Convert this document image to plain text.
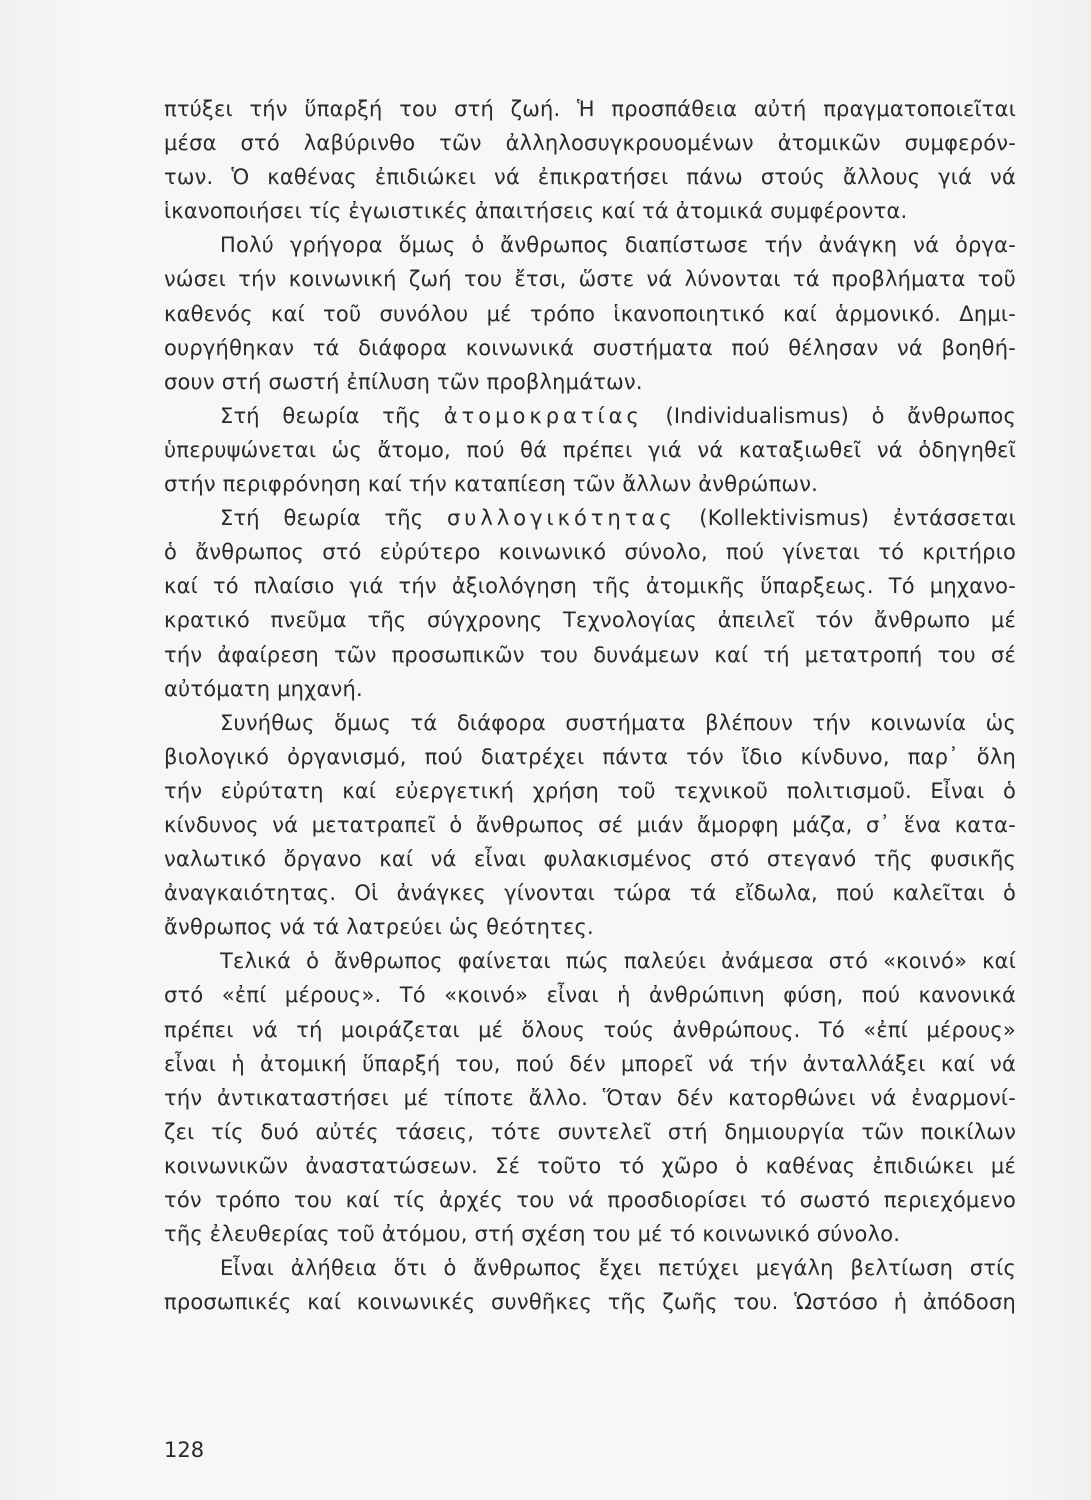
πτύξει τήν ὕπαρξή του στή ζωή. Ἡ προσπάθεια αὐτή πραγματοποιεῖται
μέσα στό λαβύρινθο τῶν ἀλληλοσυγκρουομένων ἀτομικῶν συμφερόν-
των. Ὁ καθένας ἐπιδιώκει νά ἐπικρατήσει πάνω στούς ἄλλους γιά νά
ἱκανοποιήσει τίς ἐγωιστικές ἀπαιτήσεις καί τά ἀτομικά συμφέροντα.
Πολύ γρήγορα ὅμως ὁ ἄνθρωπος διαπίστωσε τήν ἀνάγκη νά ὀργα-
νώσει τήν κοινωνική ζωή του ἔτσι, ὥστε νά λύνονται τά προβλήματα τοῦ
καθενός καί τοῦ συνόλου μέ τρόπο ἱκανοποιητικό καί ἁρμονικό. Δημι-
ουργήθηκαν τά διάφορα κοινωνικά συστήματα πού θέλησαν νά βοηθή-
σουν στή σωστή ἐπίλυση τῶν προβλημάτων.
Στή θεωρία τῆς ἀτομοκρατίας (Individualismus) ὁ ἄνθρωπος
ὑπερυψώνεται ὡς ἄτομο, πού θά πρέπει γιά νά καταξιωθεῖ νά ὁδηγηθεῖ
στήν περιφρόνηση καί τήν καταπίεση τῶν ἄλλων ἀνθρώπων.
Στή θεωρία τῆς συλλογικότητας (Kollektivismus) ἐντάσσεται
ὁ ἄνθρωπος στό εὐρύτερο κοινωνικό σύνολο, πού γίνεται τό κριτήριο
καί τό πλαίσιο γιά τήν ἀξιολόγηση τῆς ἀτομικῆς ὕπαρξεως. Τό μηχανο-
κρατικό πνεῦμα τῆς σύγχρονης Τεχνολογίας ἀπειλεῖ τόν ἄνθρωπο μέ
τήν ἀφαίρεση τῶν προσωπικῶν του δυνάμεων καί τή μετατροπή του σέ
αὐτόματη μηχανή.
Συνήθως ὅμως τά διάφορα συστήματα βλέπουν τήν κοινωνία ὡς
βιολογικό ὀργανισμό, πού διατρέχει πάντα τόν ἴδιο κίνδυνο, παρ᾽ ὅλη
τήν εὐρύτατη καί εὐεργετική χρήση τοῦ τεχνικοῦ πολιτισμοῦ. Εἶναι ὁ
κίνδυνος νά μετατραπεῖ ὁ ἄνθρωπος σέ μιάν ἄμορφη μάζα, σ᾽ ἕνα κατα-
ναλωτικό ὄργανο καί νά εἶναι φυλακισμένος στό στεγανό τῆς φυσικῆς
ἀναγκαιότητας. Οἱ ἀνάγκες γίνονται τώρα τά εἴδωλα, πού καλεῖται ὁ
ἄνθρωπος νά τά λατρεύει ὡς θεότητες.
Τελικά ὁ ἄνθρωπος φαίνεται πώς παλεύει ἀνάμεσα στό «κοινό» καί
στό «ἐπί μέρους». Τό «κοινό» εἶναι ἡ ἀνθρώπινη φύση, πού κανονικά
πρέπει νά τή μοιράζεται μέ ὅλους τούς ἀνθρώπους. Τό «ἐπί μέρους»
εἶναι ἡ ἀτομική ὕπαρξή του, πού δέν μπορεῖ νά τήν ἀνταλλάξει καί νά
τήν ἀντικαταστήσει μέ τίποτε ἄλλο. Ὅταν δέν κατορθώνει νά ἐναρμονί-
ζει τίς δυό αὐτές τάσεις, τότε συντελεῖ στή δημιουργία τῶν ποικίλων
κοινωνικῶν ἀναστατώσεων. Σέ τοῦτο τό χῶρο ὁ καθένας ἐπιδιώκει μέ
τόν τρόπο του καί τίς ἀρχές του νά προσδιορίσει τό σωστό περιεχόμενο
τῆς ἐλευθερίας τοῦ ἀτόμου, στή σχέση του μέ τό κοινωνικό σύνολο.
Εἶναι ἀλήθεια ὅτι ὁ ἄνθρωπος ἔχει πετύχει μεγάλη βελτίωση στίς
προσωπικές καί κοινωνικές συνθῆκες τῆς ζωῆς του. Ὡστόσο ἡ ἀπόδοση
128
